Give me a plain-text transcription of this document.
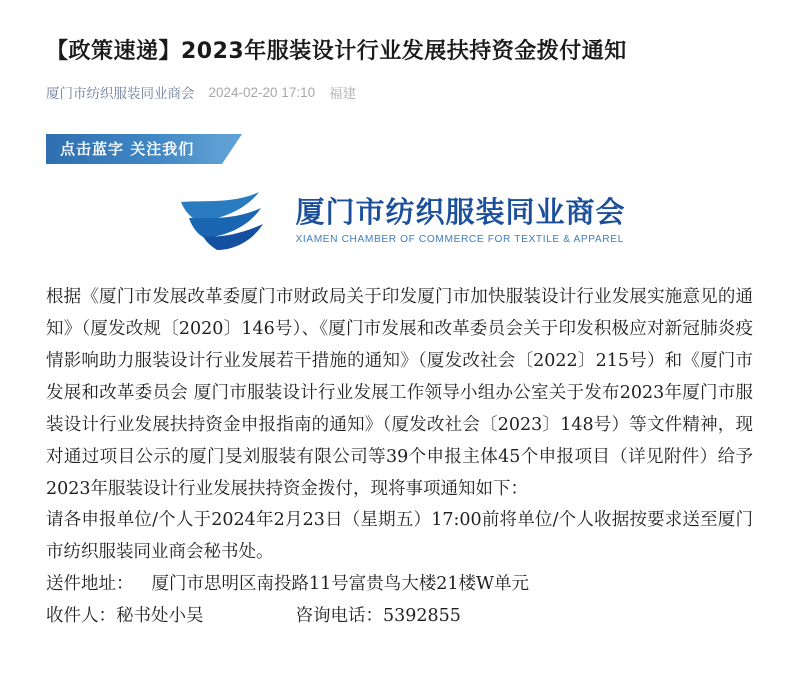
【政策速递】2023年服装设计行业发展扶持资金拨付通知
厦门市纺织服装同业商会 2024-02-20 17:10 福建
点击蓝字 关注我们
厦门市纺织服装同业商会
XIAMEN CHAMBER OF COMMERCE FOR TEXTILE & APPAREL

根据《厦门市发展改革委厦门市财政局关于印发厦门市加快服装设计行业发展实施意见的通知》（厦发改规〔2020〕146号）、《厦门市发展和改革委员会关于印发积极应对新冠肺炎疫情影响助力服装设计行业发展若干措施的通知》（厦发改社会〔2022〕215号）和《厦门市发展和改革委员会 厦门市服装设计行业发展工作领导小组办公室关于发布2023年厦门市服装设计行业发展扶持资金申报指南的通知》（厦发改社会〔2023〕148号）等文件精神，现对通过项目公示的厦门旻刘服装有限公司等39个申报主体45个申报项目（详见附件）给予2023年服装设计行业发展扶持资金拨付，现将事项通知如下：

请各申报单位/个人于2024年2月23日（星期五）17:00前将单位/个人收据按要求送至厦门市纺织服装同业商会秘书处。

送件地址： 厦门市思明区南投路11号富贵鸟大楼21楼W单元

收件人：秘书处小吴	咨询电话：5392855
